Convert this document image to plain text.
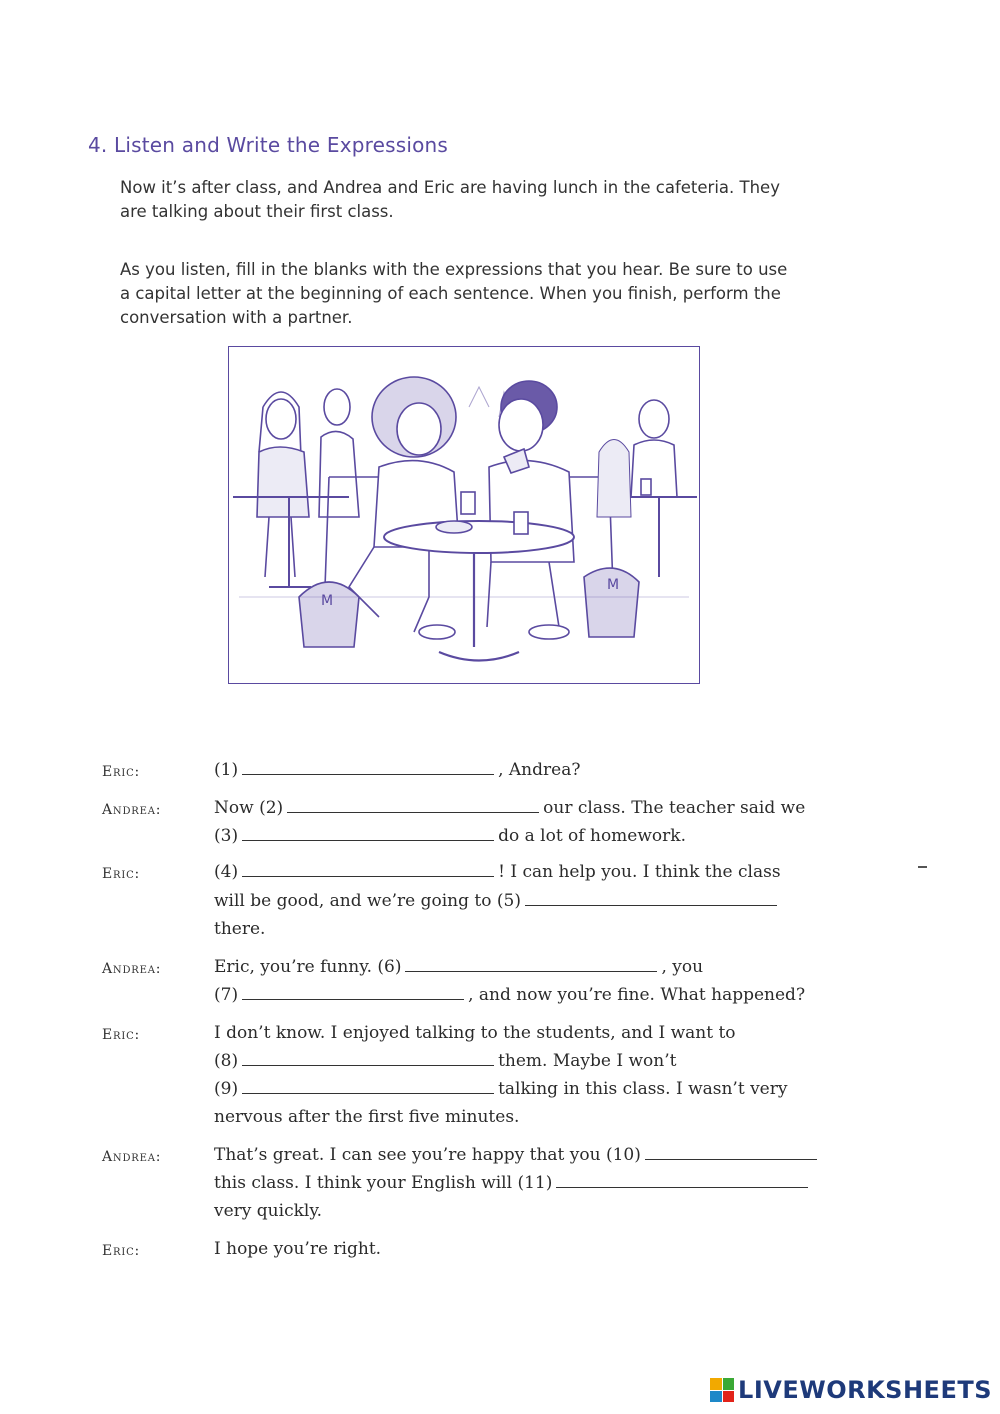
4. Listen and Write the Expressions
Now it’s after class, and Andrea and Eric are having lunch in the cafeteria. They are talking about their first class.
As you listen, fill in the blanks with the expressions that you hear. Be sure to use a capital letter at the beginning of each sentence. When you finish, perform the conversation with a partner.
M
M
Eric:	(1)	, Andrea?
Andrea:	Now (2)	our class. The teacher said we
(3)	do a lot of homework.
Eric:	(4)	! I can help you. I think the class
will be good, and we’re going to (5)
there.
Andrea:	Eric, you’re funny. (6)	, you
(7)	, and now you’re fine. What happened?
Eric:	I don’t know. I enjoyed talking to the students, and I want to
(8)	them. Maybe I won’t
(9)	talking in this class. I wasn’t very
nervous after the first five minutes.
Andrea:	That’s great. I can see you’re happy that you (10)
this class. I think your English will (11)
very quickly.
Eric:	I hope you’re right.
LIVEWORKSHEETS
